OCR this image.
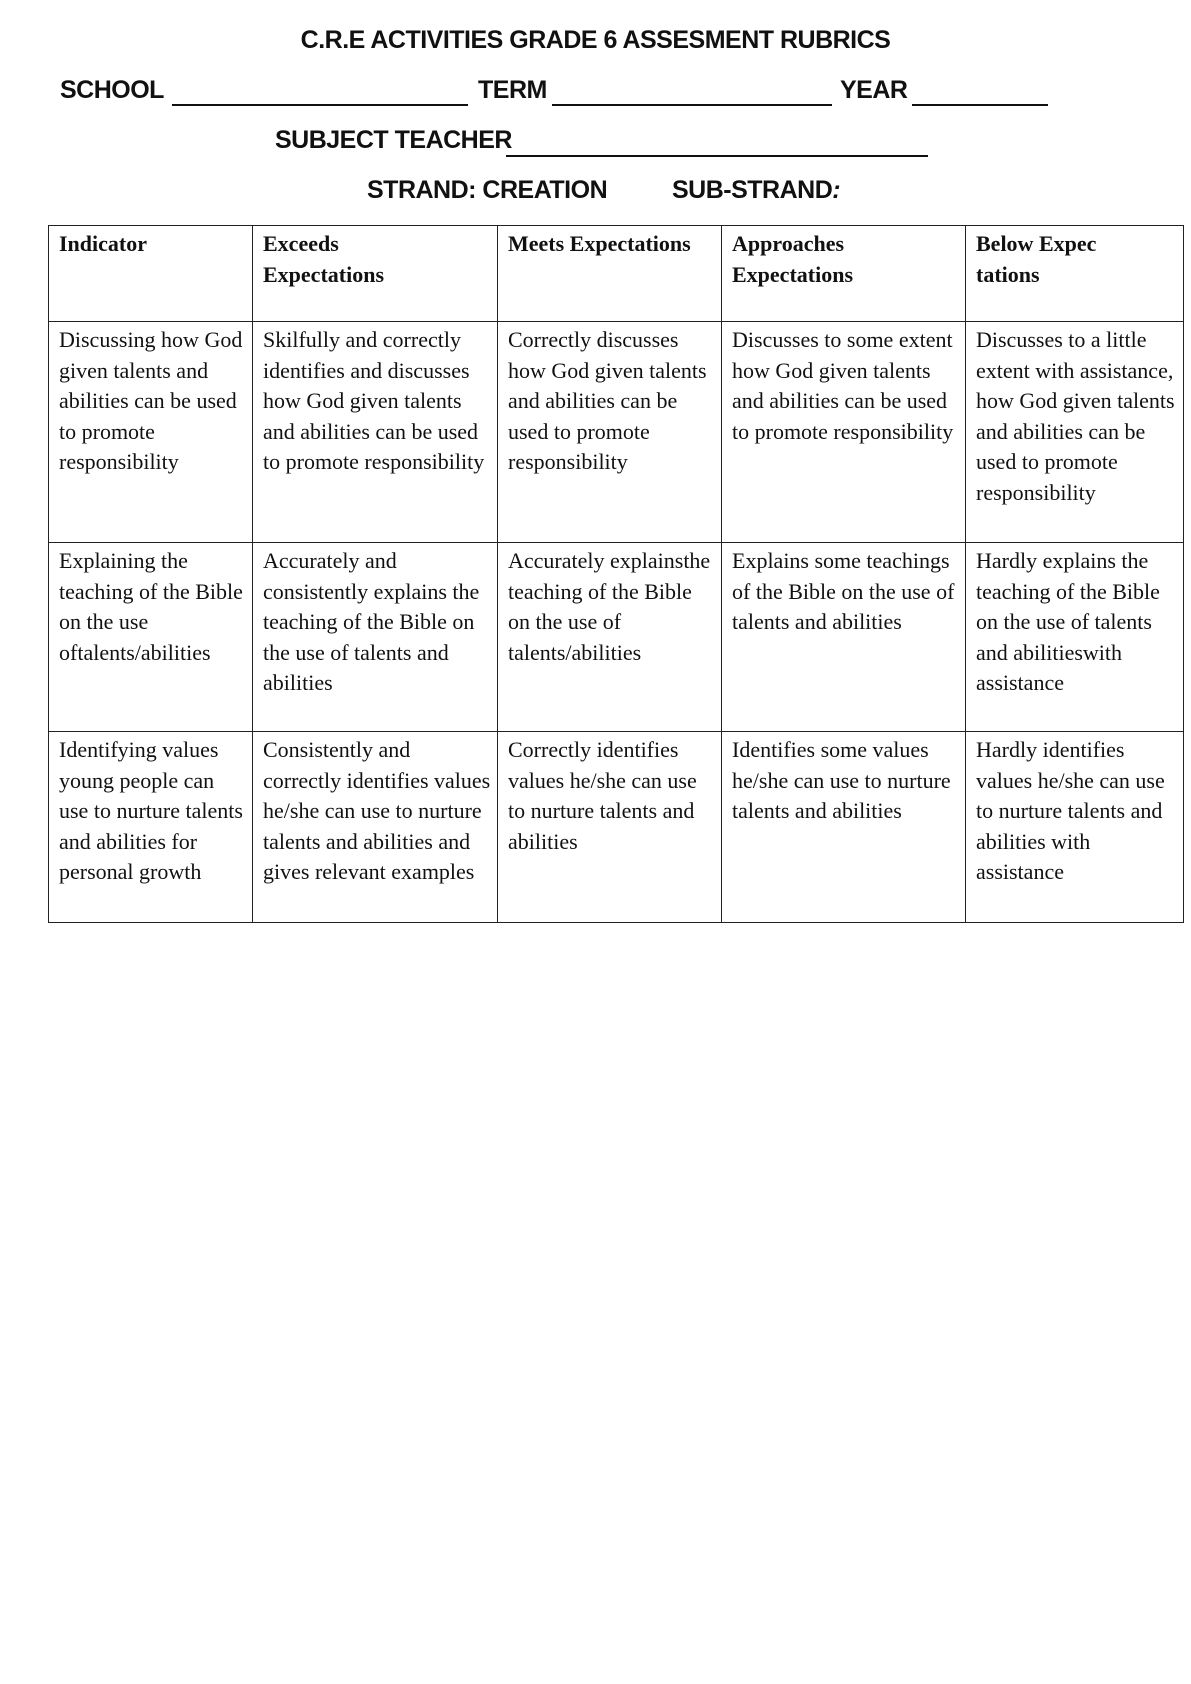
C.R.E ACTIVITIES GRADE 6 ASSESMENT RUBRICS
SCHOOL	TERM	YEAR
SUBJECT TEACHER
STRAND: CREATION	SUB-STRAND:
Indicator	Exceeds Expectations	Meets Expectations	Approaches Expectations	Below Expectations
Discussing how God given talents and abilities can be used to promote responsibility	Skilfully and correctly identifies and discusses how God given talents and abilities can be used to promote responsibility	Correctly discusses how God given talents and abilities can be used to promote responsibility	Discusses to some extent how God given talents and abilities can be used to promote responsibility	Discusses to a little extent with assistance, how God given talents and abilities can be used to promote responsibility
Explaining the teaching of the Bible on the use oftalents/abilities	Accurately and consistently explains the teaching of the Bible on the use of talents and abilities	Accurately explainsthe teaching of the Bible on the use of talents/abilities	Explains some teachings of the Bible on the use of talents and abilities	Hardly explains the teaching of the Bible on the use of talents and abilitieswith assistance
Identifying values young people can use to nurture talents and abilities for personal growth	Consistently and correctly identifies values he/she can use to nurture talents and abilities and gives relevant examples	Correctly identifies values he/she can use to nurture talents and abilities	Identifies some values he/she can use to nurture talents and abilities	Hardly identifies values he/she can use to nurture talents and abilities with assistance
